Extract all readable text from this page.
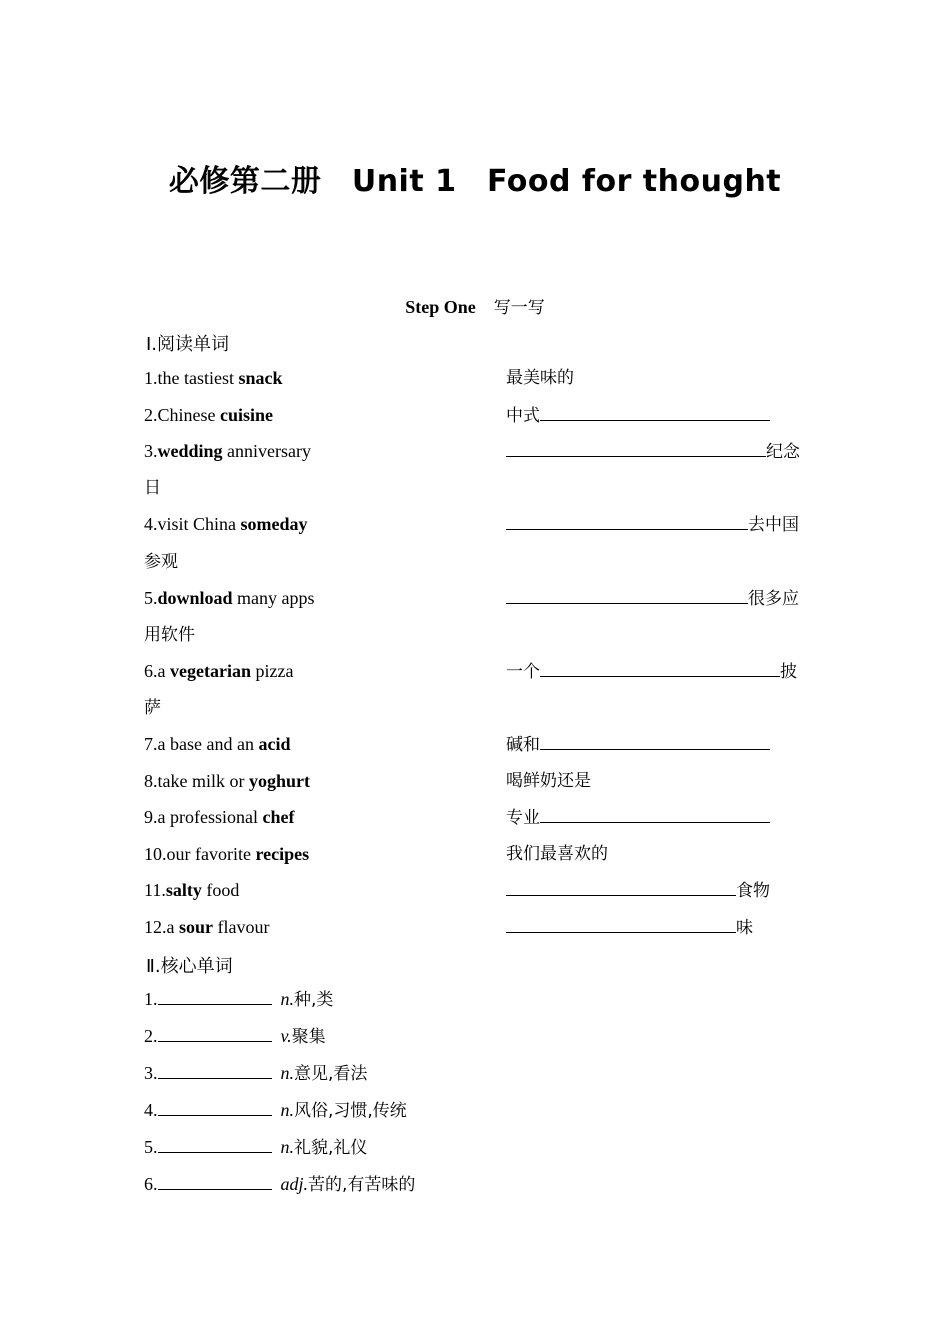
必修第二册　Unit 1　Food for thought
Step One　 写一写
Ⅰ.阅读单词
1.the tastiest snack	最美味的
2.Chinese cuisine	中式
3.wedding anniversary	纪念
日
4.visit China someday	去中国
参观
5.download many apps	很多应
用软件
6.a vegetarian pizza	一个	披
萨
7.a base and an acid	碱和
8.take milk or yoghurt	喝鲜奶还是
9.a professional chef	专业
10.our favorite recipes	我们最喜欢的
11.salty food	食物
12.a sour flavour	味
Ⅱ.核心单词
1.	n.种,类
2.	v.聚集
3.	n.意见,看法
4.	n.风俗,习惯,传统
5.	n.礼貌,礼仪
6.	adj.苦的,有苦味的
